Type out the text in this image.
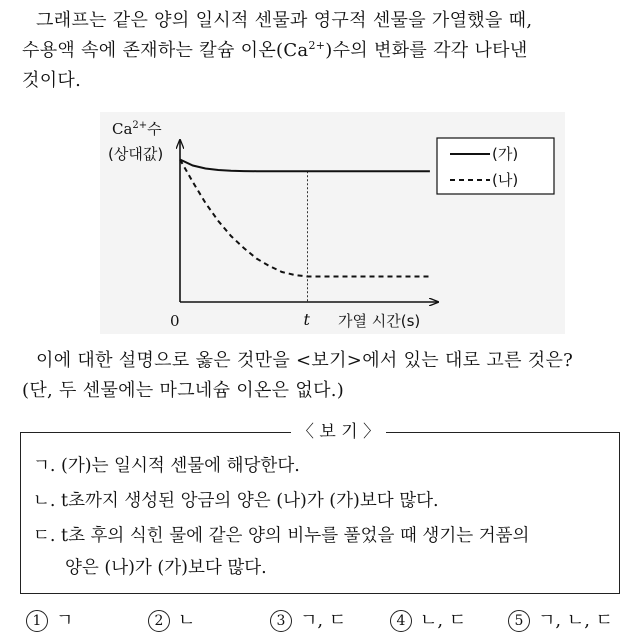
그래프는 같은 양의 일시적 센물과 영구적 센물을 가열했을 때,
수용액 속에 존재하는 칼슘 이온$(Ca^{2+})$수의 변화를 각각 나타낸
것이다.
$Ca^{2+}$수
(상대값)
0	t 가열 시간(s)
(가)
(나)
이에 대한 설명으로 옳은 것만을 <보기>에서 있는 대로 고른 것은?
(단, 두 센물에는 마그네슘 이온은 없다.)
〈 보 기 〉
ㄱ. (가)는 일시적 센물에 해당한다.
ㄴ. t초까지 생성된 앙금의 양은 (나)가 (가)보다 많다.
ㄷ. t초 후의 식힌 물에 같은 양의 비누를 풀었을 때 생기는 거품의
양은 (나)가 (가)보다 많다.
1 ㄱ	2 ㄴ	3 ㄱ, ㄷ	4 ㄴ, ㄷ	5 ㄱ, ㄴ, ㄷ
